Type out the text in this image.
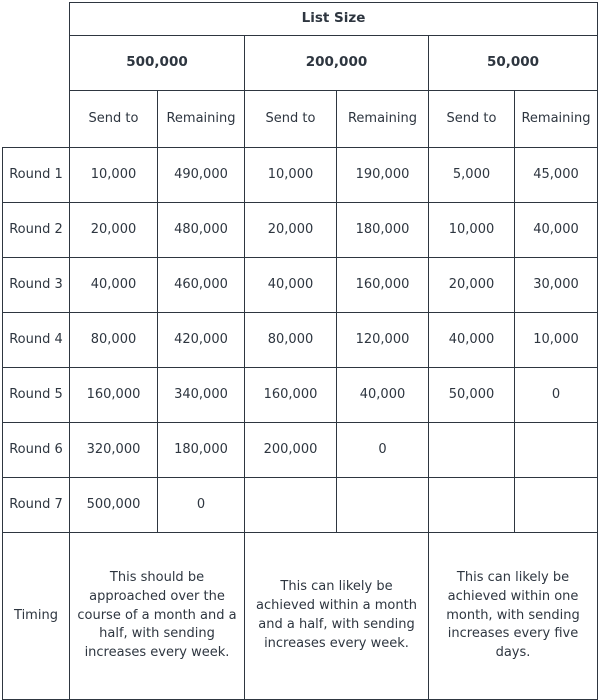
	List Size					
	500,000		200,000		50,000	
	Send to	Remaining	Send to	Remaining	Send to	Remaining
Round 1	10,000	490,000	10,000	190,000	5,000	45,000
Round 2	20,000	480,000	20,000	180,000	10,000	40,000
Round 3	40,000	460,000	40,000	160,000	20,000	30,000
Round 4	80,000	420,000	80,000	120,000	40,000	10,000
Round 5	160,000	340,000	160,000	40,000	50,000	0
Round 6	320,000	180,000	200,000	0		
Round 7	500,000	0				
Timing	This should be approached over the course of a month and a half, with sending increases every week.		This can likely be achieved within a month and a half, with sending increases every week.		This can likely be achieved within one month, with sending increases every five days.	
